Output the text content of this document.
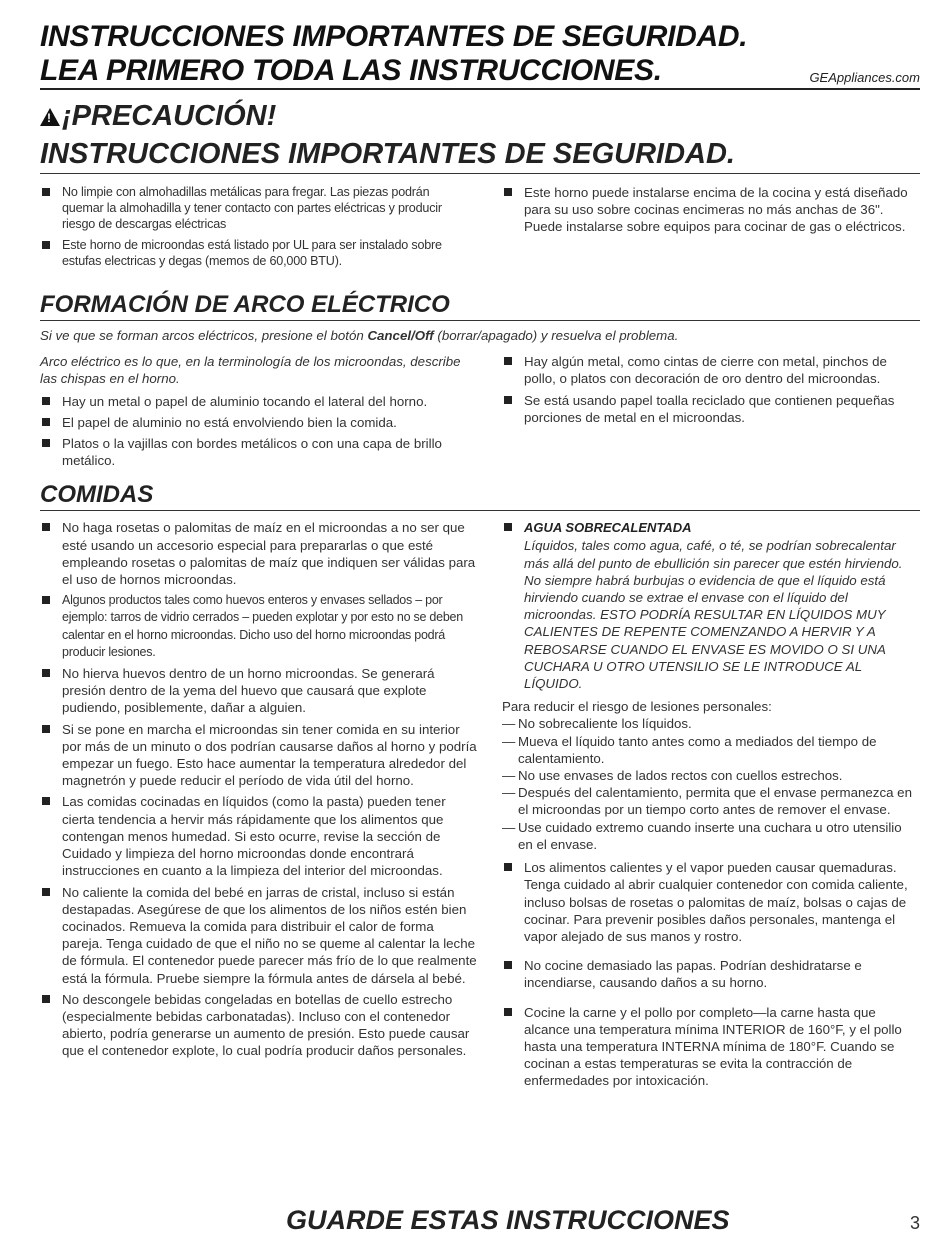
INSTRUCCIONES IMPORTANTES DE SEGURIDAD.
LEA PRIMERO TODA LAS INSTRUCCIONES.	GEAppliances.com
! ¡PRECAUCIÓN!
INSTRUCCIONES IMPORTANTES DE SEGURIDAD.
No limpie con almohadillas metálicas para fregar. Las piezas podrán quemar la almohadilla y tener contacto con partes eléctricas y producir riesgo de descargas eléctricas
Este horno de microondas está listado por UL para ser instalado sobre estufas electricas y degas (memos de 60,000 BTU).
Este horno puede instalarse encima de la cocina y está diseñado para su uso sobre cocinas encimeras no más anchas de 36". Puede instalarse sobre equipos para cocinar de gas o eléctricos.
FORMACIÓN DE ARCO ELÉCTRICO
Si ve que se forman arcos eléctricos, presione el botón Cancel/Off (borrar/apagado) y resuelva el problema.
Arco eléctrico es lo que, en la terminología de los microondas, describe las chispas en el horno.
Hay un metal o papel de aluminio tocando el lateral del horno.
El papel de aluminio no está envolviendo bien la comida.
Platos o la vajillas con bordes metálicos o con una capa de brillo metálico.
Hay algún metal, como cintas de cierre con metal, pinchos de pollo, o platos con decoración de oro dentro del microondas.
Se está usando papel toalla reciclado que contienen pequeñas porciones de metal en el microondas.
COMIDAS
No haga rosetas o palomitas de maíz en el microondas a no ser que esté usando un accesorio especial para prepararlas o que esté empleando rosetas o palomitas de maíz que indiquen ser válidas para el uso de hornos microondas.
Algunos productos tales como huevos enteros y envases sellados – por ejemplo: tarros de vidrio cerrados – pueden explotar y por esto no se deben calentar en el horno microondas. Dicho uso del horno microondas podrá producir lesiones.
No hierva huevos dentro de un horno microondas. Se generará presión dentro de la yema del huevo que causará que explote pudiendo, posiblemente, dañar a alguien.
Si se pone en marcha el microondas sin tener comida en su interior por más de un minuto o dos podrían causarse daños al horno y podría empezar un fuego. Esto hace aumentar la temperatura alrededor del magnetrón y puede reducir el período de vida útil del horno.
Las comidas cocinadas en líquidos (como la pasta) pueden tener cierta tendencia a hervir más rápidamente que los alimentos que contengan menos humedad. Si esto ocurre, revise la sección de Cuidado y limpieza del horno microondas donde encontrará instrucciones en cuanto a la limpieza del interior del microondas.
No caliente la comida del bebé en jarras de cristal, incluso si están destapadas. Asegúrese de que los alimentos de los niños estén bien cocinados. Remueva la comida para distribuir el calor de forma pareja. Tenga cuidado de que el niño no se queme al calentar la leche de fórmula. El contenedor puede parecer más frío de lo que realmente está la fórmula. Pruebe siempre la fórmula antes de dársela al bebé.
No descongele bebidas congeladas en botellas de cuello estrecho (especialmente bebidas carbonatadas). Incluso con el contenedor abierto, podría generarse un aumento de presión. Esto puede causar que el contenedor explote, lo cual podría producir daños personales.
AGUA SOBRECALENTADA
Líquidos, tales como agua, café, o té, se podrían sobrecalentar más allá del punto de ebullición sin parecer que estén hirviendo. No siempre habrá burbujas o evidencia de que el líquido está hirviendo cuando se extrae el envase con el líquido del microondas. ESTO PODRÍA RESULTAR EN LÍQUIDOS MUY CALIENTES DE REPENTE COMENZANDO A HERVIR Y A REBOSARSE CUANDO EL ENVASE ES MOVIDO O SI UNA CUCHARA U OTRO UTENSILIO SE LE INTRODUCE AL LÍQUIDO.
Para reducir el riesgo de lesiones personales:
— No sobrecaliente los líquidos.
— Mueva el líquido tanto antes como a mediados del tiempo de calentamiento.
— No use envases de lados rectos con cuellos estrechos.
— Después del calentamiento, permita que el envase permanezca en el microondas por un tiempo corto antes de remover el envase.
— Use cuidado extremo cuando inserte una cuchara u otro utensilio en el envase.
Los alimentos calientes y el vapor pueden causar quemaduras. Tenga cuidado al abrir cualquier contenedor con comida caliente, incluso bolsas de rosetas o palomitas de maíz, bolsas o cajas de cocinar. Para prevenir posibles daños personales, mantenga el vapor alejado de sus manos y rostro.
No cocine demasiado las papas. Podrían deshidratarse e incendiarse, causando daños a su horno.
Cocine la carne y el pollo por completo—la carne hasta que alcance una temperatura mínima INTERIOR de 160°F, y el pollo hasta una temperatura INTERNA mínima de 180°F. Cuando se cocinan a estas temperaturas se evita la contracción de enfermedades por intoxicación.
GUARDE ESTAS INSTRUCCIONES	3
